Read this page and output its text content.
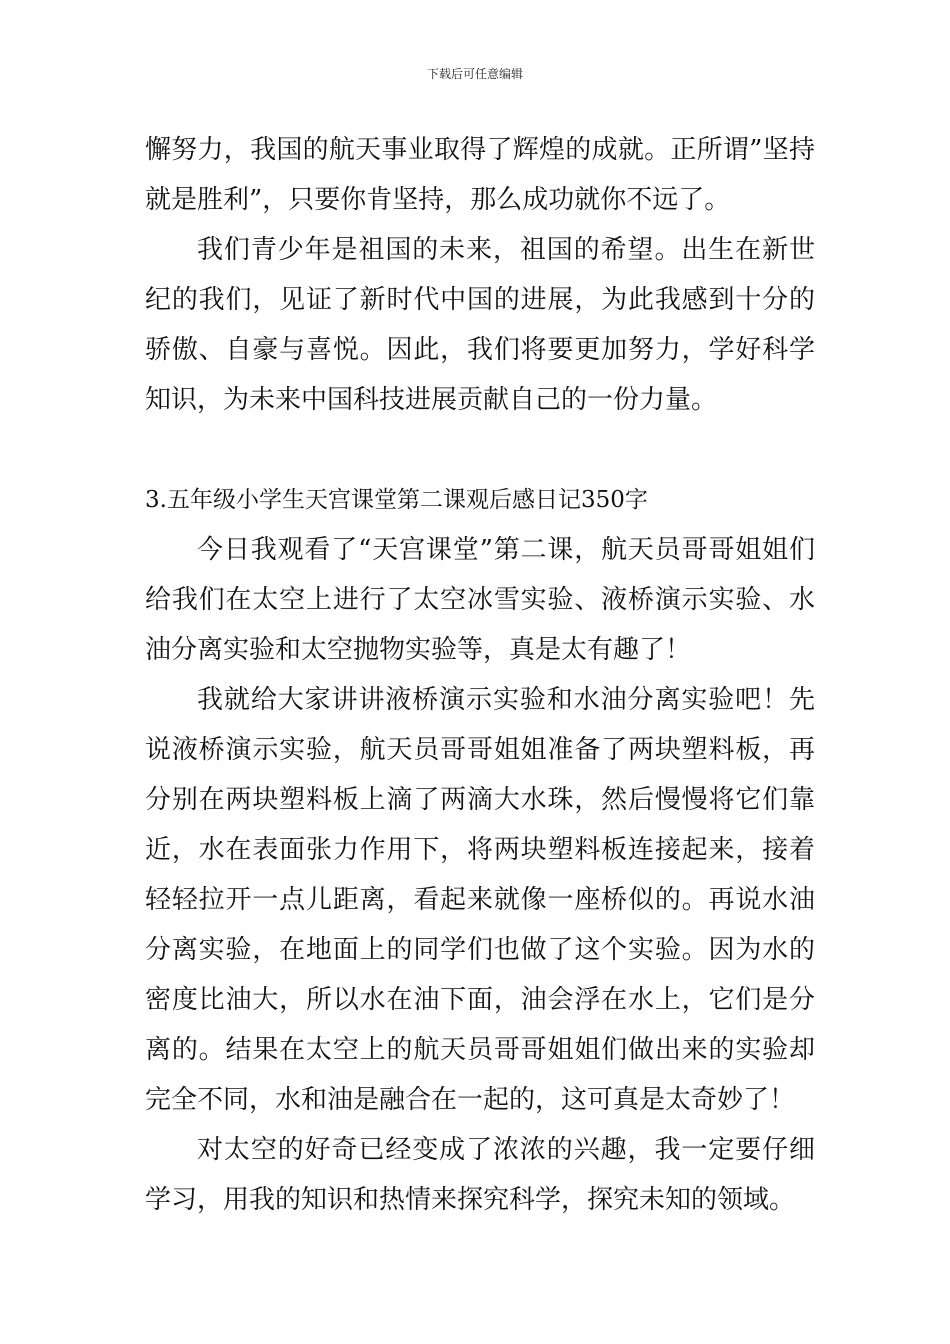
下载后可任意编辑

懈努力，我国的航天事业取得了辉煌的成就。正所谓”坚持就是胜利”，只要你肯坚持，那么成功就你不远了。

我们青少年是祖国的未来，祖国的希望。出生在新世纪的我们，见证了新时代中国的进展，为此我感到十分的骄傲、自豪与喜悦。因此，我们将要更加努力，学好科学知识，为未来中国科技进展贡献自己的一份力量。

3.五年级小学生天宫课堂第二课观后感日记350字

今日我观看了“天宫课堂”第二课，航天员哥哥姐姐们给我们在太空上进行了太空冰雪实验、液桥演示实验、水油分离实验和太空抛物实验等，真是太有趣了！

我就给大家讲讲液桥演示实验和水油分离实验吧！先说液桥演示实验，航天员哥哥姐姐准备了两块塑料板，再分别在两块塑料板上滴了两滴大水珠，然后慢慢将它们靠近，水在表面张力作用下，将两块塑料板连接起来，接着轻轻拉开一点儿距离，看起来就像一座桥似的。再说水油分离实验，在地面上的同学们也做了这个实验。因为水的密度比油大，所以水在油下面，油会浮在水上，它们是分离的。结果在太空上的航天员哥哥姐姐们做出来的实验却完全不同，水和油是融合在一起的，这可真是太奇妙了！

对太空的好奇已经变成了浓浓的兴趣，我一定要仔细学习，用我的知识和热情来探究科学，探究未知的领域。
